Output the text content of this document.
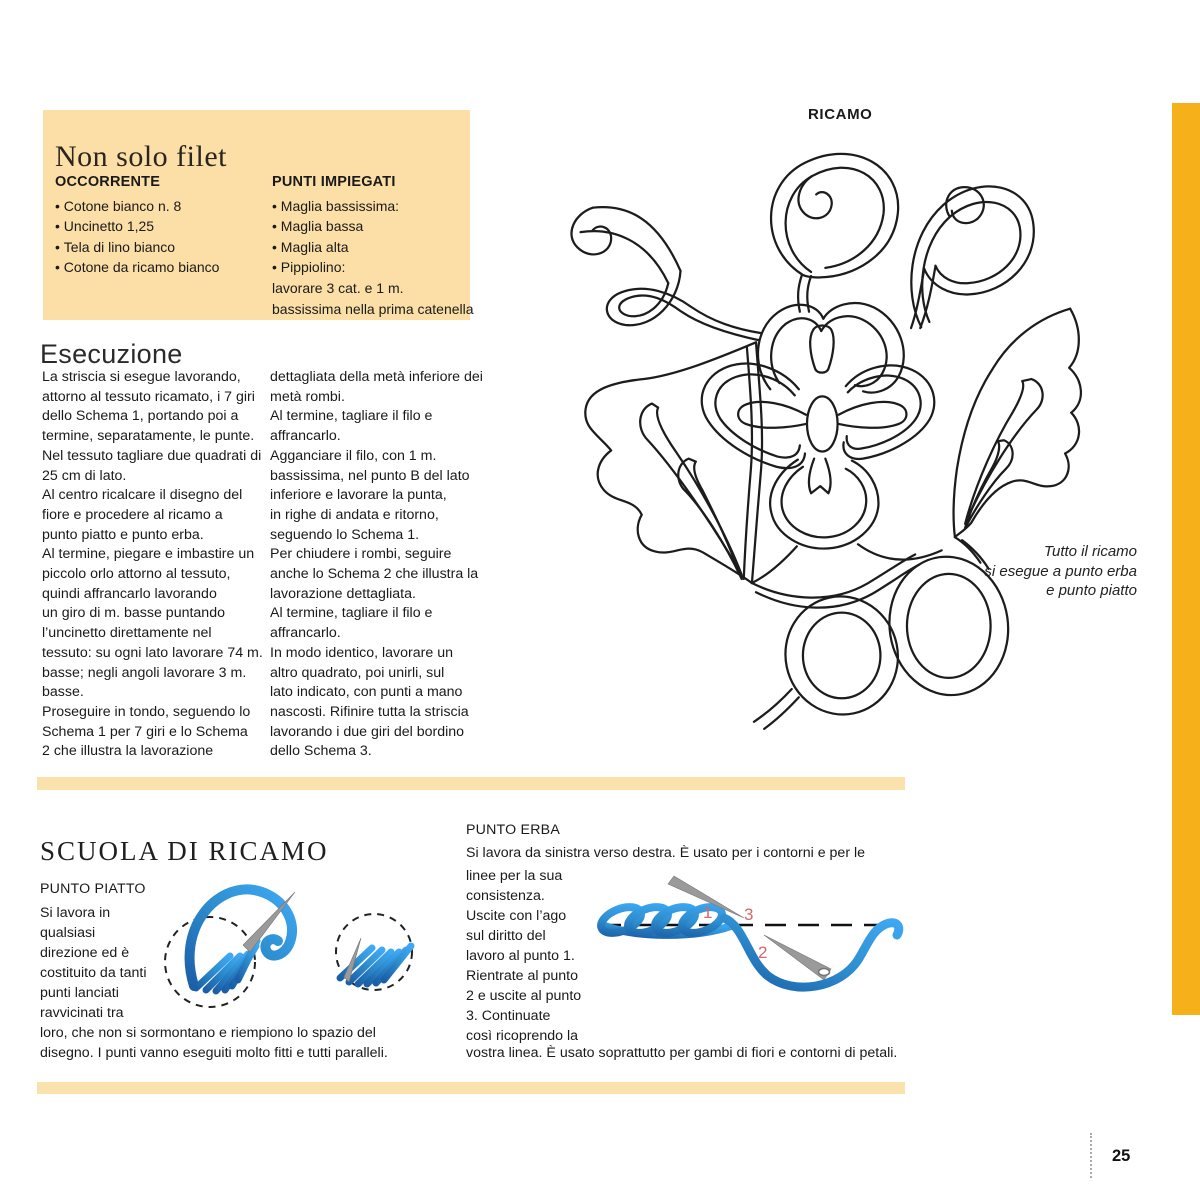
Non solo filet
OCCORRENTE
• Cotone bianco n. 8
• Uncinetto 1,25
• Tela di lino bianco
• Cotone da ricamo bianco
PUNTI IMPIEGATI
• Maglia bassissima:
• Maglia bassa
• Maglia alta
• Pippiolino:
lavorare 3 cat. e 1 m.
bassissima nella prima catenella
RICAMO
Tutto il ricamo
si esegue a punto erba
e punto piatto
Esecuzione
La striscia si esegue lavorando,
attorno al tessuto ricamato, i 7 giri
dello Schema 1, portando poi a
termine, separatamente, le punte.
Nel tessuto tagliare due quadrati di
25 cm di lato.
Al centro ricalcare il disegno del
fiore e procedere al ricamo a
punto piatto e punto erba.
Al termine, piegare e imbastire un
piccolo orlo attorno al tessuto,
quindi affrancarlo lavorando
un giro di m. basse puntando
l’uncinetto direttamente nel
tessuto: su ogni lato lavorare 74 m.
basse; negli angoli lavorare 3 m.
basse.
Proseguire in tondo, seguendo lo
Schema 1 per 7 giri e lo Schema
2 che illustra la lavorazione
dettagliata della metà inferiore dei
metà rombi.
Al termine, tagliare il filo e
affrancarlo.
Agganciare il filo, con 1 m.
bassissima, nel punto B del lato
inferiore e lavorare la punta,
in righe di andata e ritorno,
seguendo lo Schema 1.
Per chiudere i rombi, seguire
anche lo Schema 2 che illustra la
lavorazione dettagliata.
Al termine, tagliare il filo e
affrancarlo.
In modo identico, lavorare un
altro quadrato, poi unirli, sul
lato indicato, con punti a mano
nascosti. Rifinire tutta la striscia
lavorando i due giri del bordino
dello Schema 3.
SCUOLA DI RICAMO
PUNTO PIATTO
Si lavora in
qualsiasi
direzione ed è
costituito da tanti
punti lanciati
ravvicinati tra
loro, che non si sormontano e riempiono lo spazio del
disegno. I punti vanno eseguiti molto fitti e tutti paralleli.
PUNTO ERBA
Si lavora da sinistra verso destra. È usato per i contorni e per le
linee per la sua
consistenza.
Uscite con l’ago
sul diritto del
lavoro al punto 1.
Rientrate al punto
2 e uscite al punto
3. Continuate
così ricoprendo la
vostra linea. È usato soprattutto per gambi di fiori e contorni di petali.
1 3
2
25
